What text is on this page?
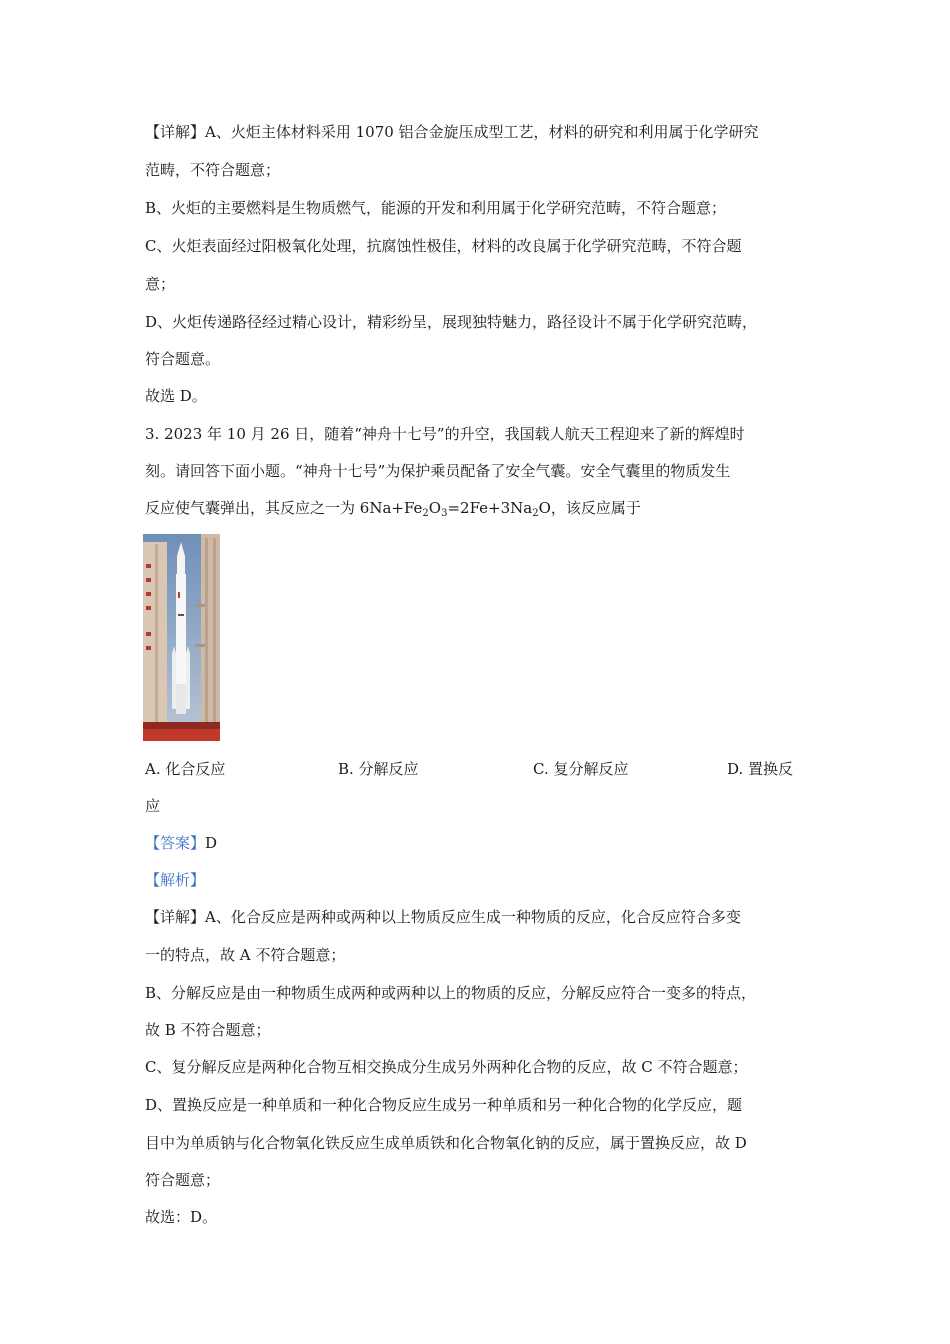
【详解】A、火炬主体材料采用 1070 铝合金旋压成型工艺，材料的研究和利用属于化学研究
范畴，不符合题意；
B、火炬的主要燃料是生物质燃气，能源的开发和利用属于化学研究范畴，不符合题意；
C、火炬表面经过阳极氧化处理，抗腐蚀性极佳，材料的改良属于化学研究范畴，不符合题
意；
D、火炬传递路径经过精心设计，精彩纷呈，展现独特魅力，路径设计不属于化学研究范畴，
符合题意。
故选 D。
3. 2023 年 10 月 26 日，随着“神舟十七号”的升空，我国载人航天工程迎来了新的辉煌时
刻。请回答下面小题。“神舟十七号”为保护乘员配备了安全气囊。安全气囊里的物质发生
反应使气囊弹出，其反应之一为 $6Na+Fe_2O_3=2Fe+3Na_2O$，该反应属于
A. 化合反应	B. 分解反应	C. 复分解反应	D. 置换反
应
【答案】D
【解析】
【详解】A、化合反应是两种或两种以上物质反应生成一种物质的反应，化合反应符合多变
一的特点，故 A 不符合题意；
B、分解反应是由一种物质生成两种或两种以上的物质的反应，分解反应符合一变多的特点，
故 B 不符合题意；
C、复分解反应是两种化合物互相交换成分生成另外两种化合物的反应，故 C 不符合题意；
D、置换反应是一种单质和一种化合物反应生成另一种单质和另一种化合物的化学反应，题
目中为单质钠与化合物氧化铁反应生成单质铁和化合物氧化钠的反应，属于置换反应，故 D
符合题意；
故选：D。
